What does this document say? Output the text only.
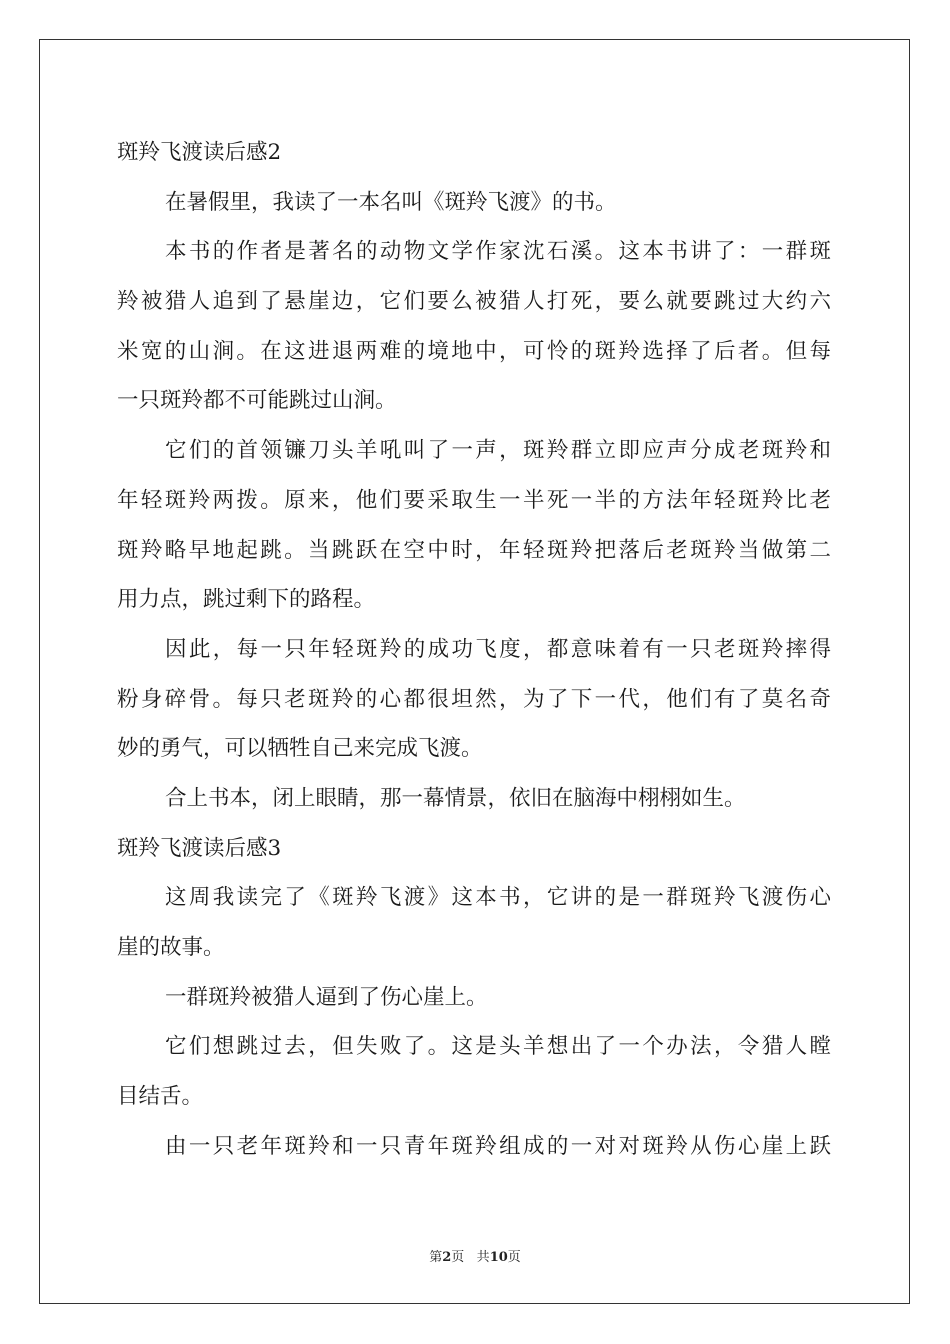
斑羚飞渡读后感2
在暑假里，我读了一本名叫《斑羚飞渡》的书。
本书的作者是著名的动物文学作家沈石溪。这本书讲了：一群斑
羚被猎人追到了悬崖边，它们要么被猎人打死，要么就要跳过大约六
米宽的山涧。在这进退两难的境地中，可怜的斑羚选择了后者。但每
一只斑羚都不可能跳过山涧。
它们的首领镰刀头羊吼叫了一声，斑羚群立即应声分成老斑羚和
年轻斑羚两拨。原来，他们要采取生一半死一半的方法年轻斑羚比老
斑羚略早地起跳。当跳跃在空中时，年轻斑羚把落后老斑羚当做第二
用力点，跳过剩下的路程。
因此，每一只年轻斑羚的成功飞度，都意味着有一只老斑羚摔得
粉身碎骨。每只老斑羚的心都很坦然，为了下一代，他们有了莫名奇
妙的勇气，可以牺牲自己来完成飞渡。
合上书本，闭上眼睛，那一幕情景，依旧在脑海中栩栩如生。
斑羚飞渡读后感3
这周我读完了《斑羚飞渡》这本书，它讲的是一群斑羚飞渡伤心
崖的故事。
一群斑羚被猎人逼到了伤心崖上。
它们想跳过去，但失败了。这是头羊想出了一个办法，令猎人瞠
目结舌。
由一只老年斑羚和一只青年斑羚组成的一对对斑羚从伤心崖上跃
第2页 共10页
